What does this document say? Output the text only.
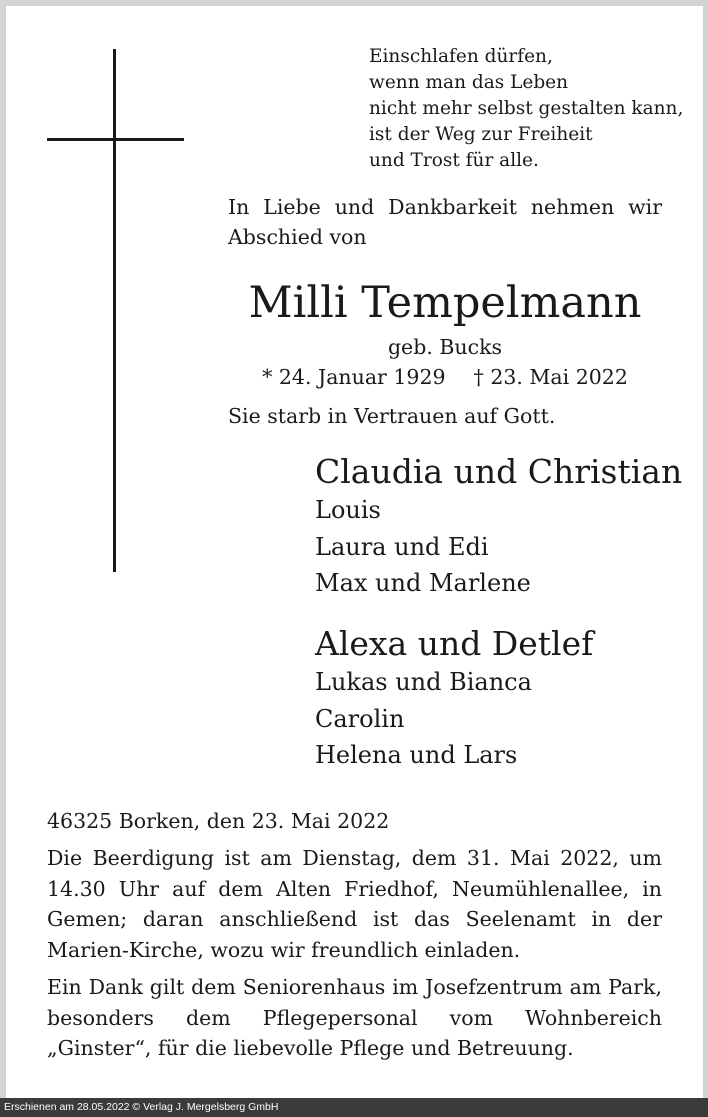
Einschlafen dürfen,
wenn man das Leben
nicht mehr selbst gestalten kann,
ist der Weg zur Freiheit
und Trost für alle.
In Liebe und Dankbarkeit nehmen wir Abschied von
Milli Tempelmann
geb. Bucks
* 24. Januar 1929 † 23. Mai 2022
Sie starb in Vertrauen auf Gott.
Claudia und Christian
Louis
Laura und Edi
Max und Marlene
Alexa und Detlef
Lukas und Bianca
Carolin
Helena und Lars
46325 Borken, den 23. Mai 2022
Die Beerdigung ist am Dienstag, dem 31. Mai 2022, um 14.30 Uhr auf dem Alten Friedhof, Neumühlenallee, in Gemen; daran anschließend ist das Seelenamt in der Marien-Kirche, wozu wir freundlich einladen.
Ein Dank gilt dem Seniorenhaus im Josefzentrum am Park, besonders dem Pflegepersonal vom Wohnbereich „Ginster“, für die liebevolle Pflege und Betreuung.
Erschienen am 28.05.2022 © Verlag J. Mergelsberg GmbH
